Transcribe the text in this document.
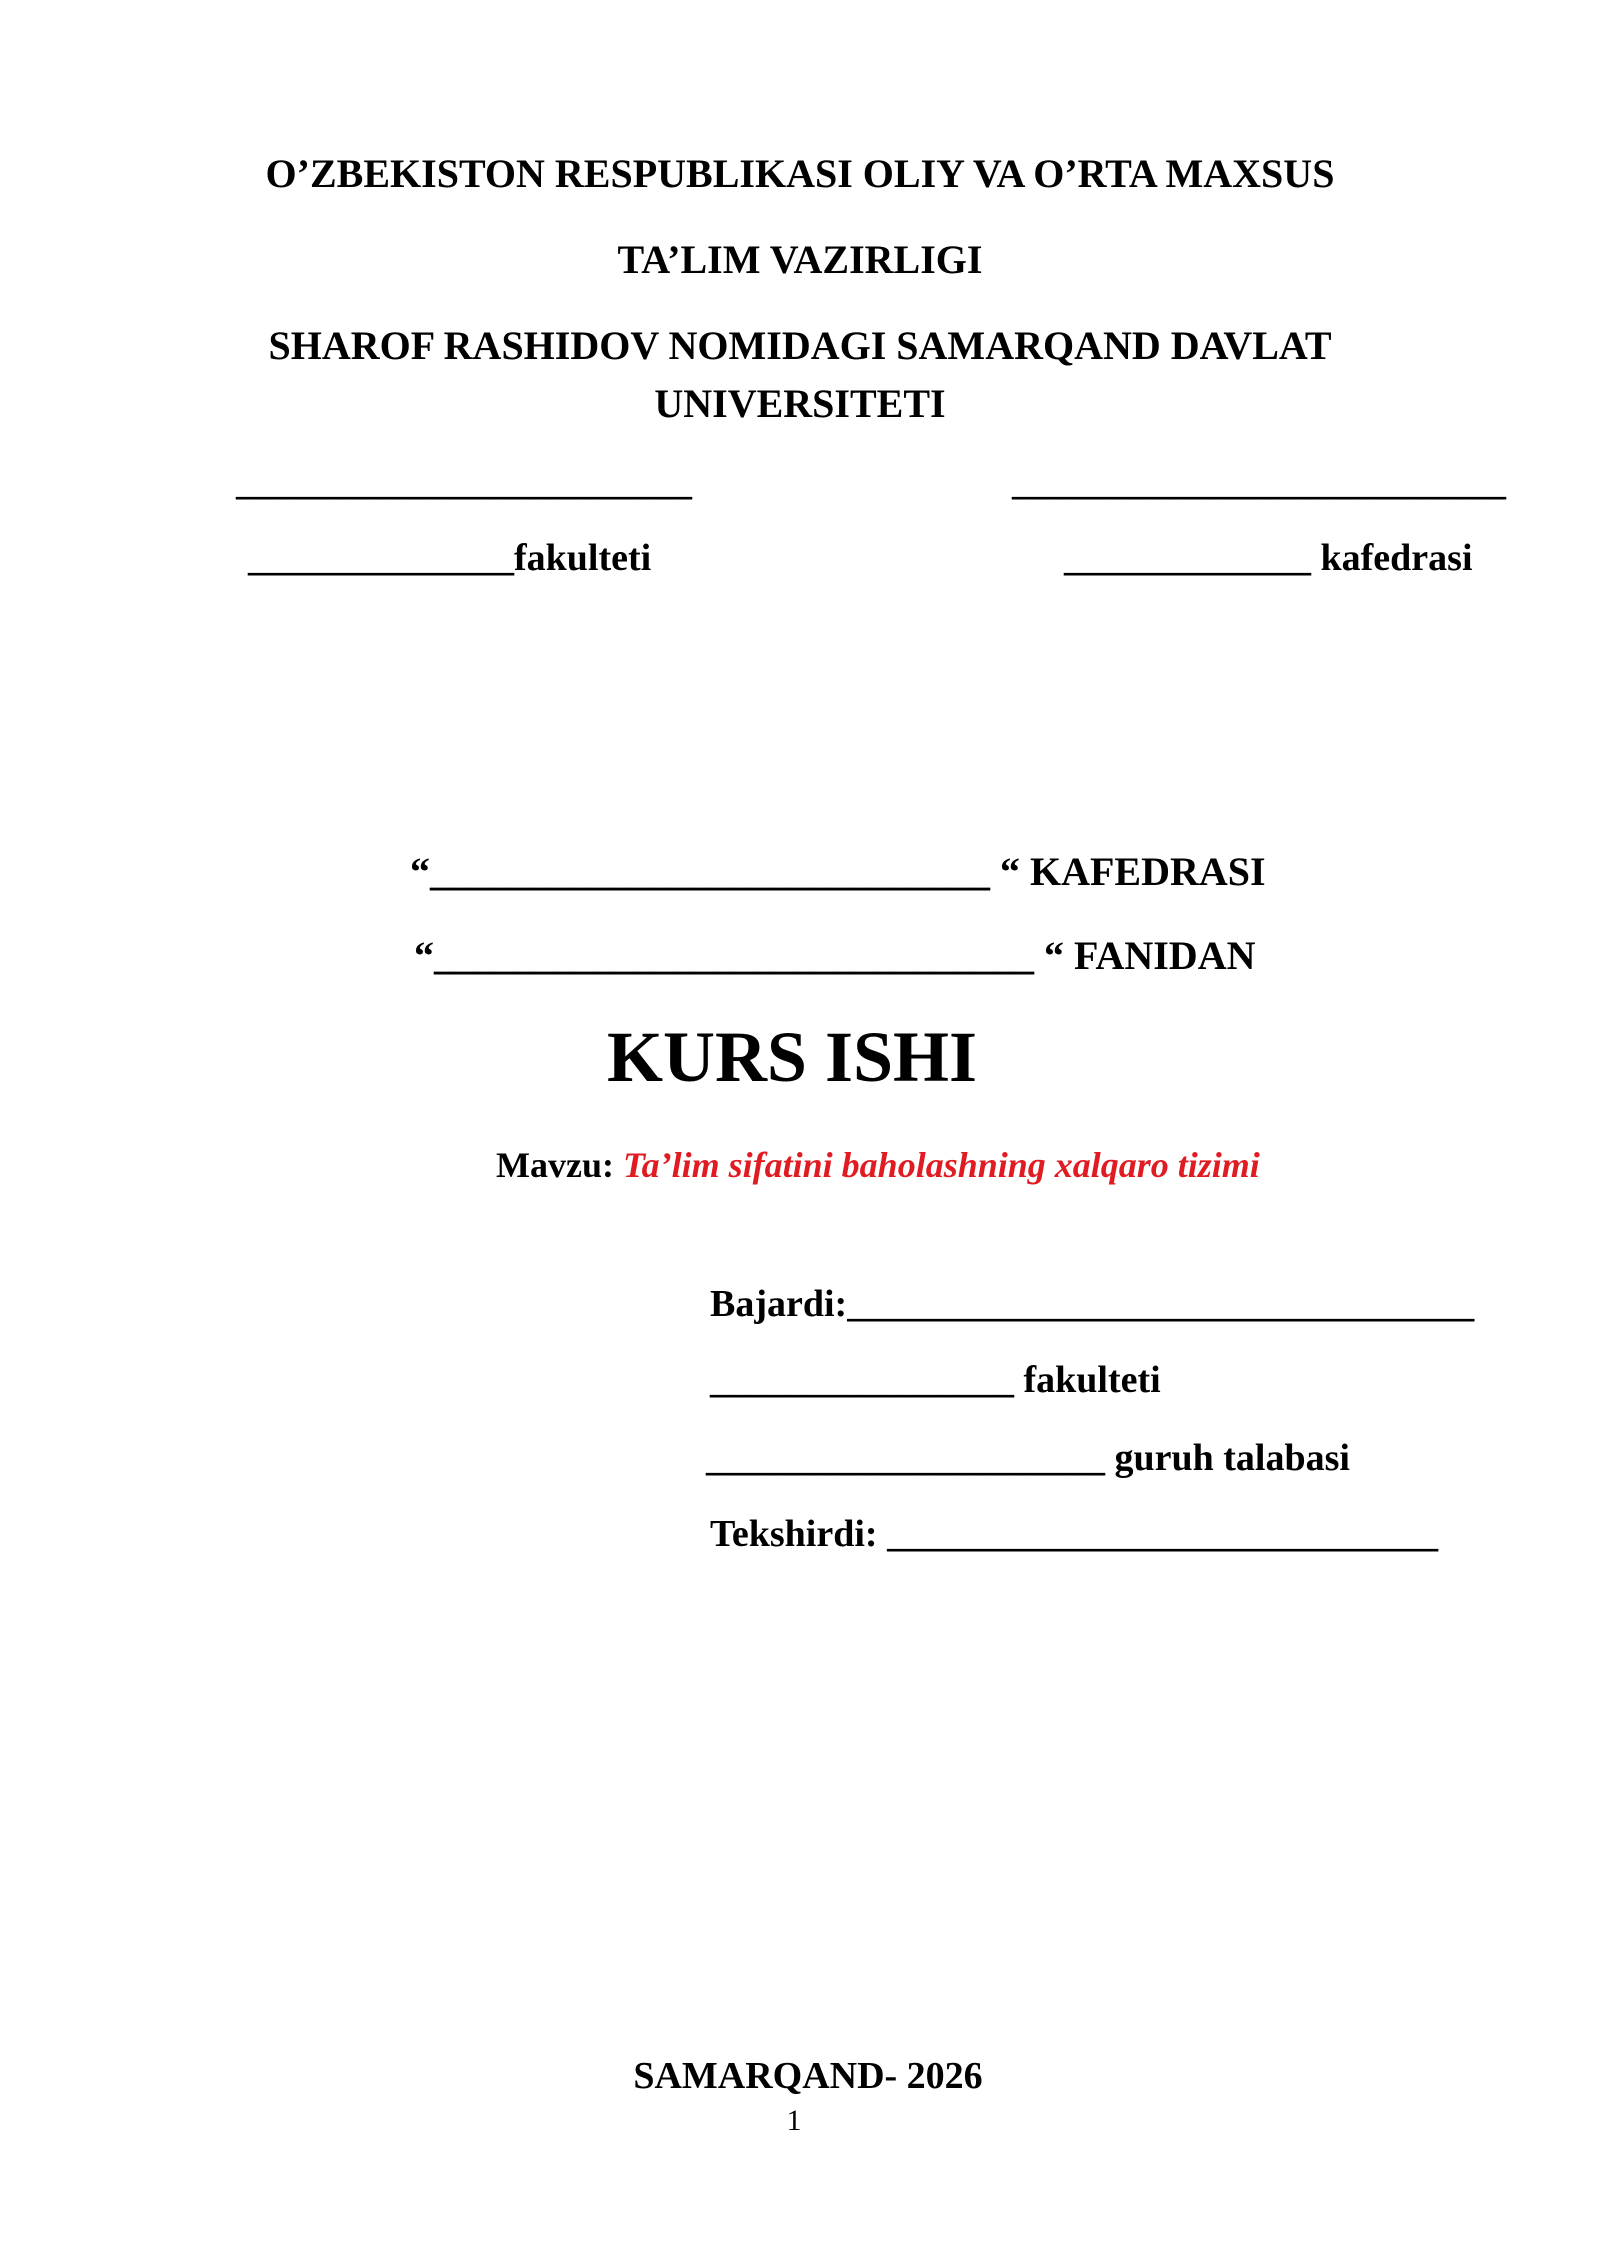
O’ZBEKISTON RESPUBLIKASI OLIY VA O’RTA MAXSUS
TA’LIM VAZIRLIGI
SHAROF RASHIDOV NOMIDAGI SAMARQAND DAVLAT
UNIVERSITETI
________________________	__________________________
______________fakulteti	_____________ kafedrasi
“____________________________ “ KAFEDRASI
“______________________________ “ FANIDAN
KURS ISHI
Mavzu: Ta’lim sifatini baholashning xalqaro tizimi
Bajardi:_________________________________
________________ fakulteti
_____________________ guruh talabasi
Tekshirdi: _____________________________
SAMARQAND- 2026
1
